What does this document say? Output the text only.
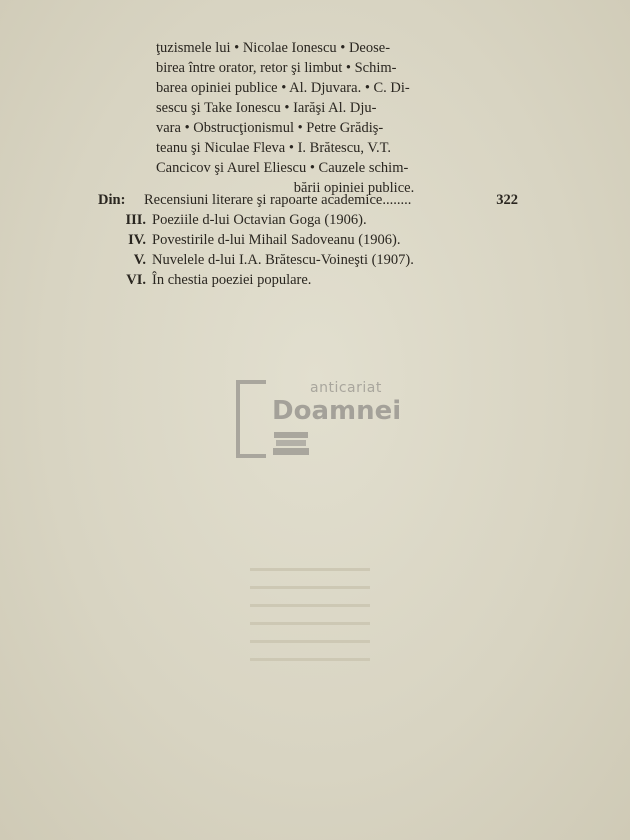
ţuzismele lui • Nicolae Ionescu • Deose-
birea între orator, retor şi limbut • Schim-
barea opiniei publice • Al. Djuvara. • C. Di-
sescu şi Take Ionescu • Iarăşi Al. Dju-
vara • Obstrucţionismul • Petre Grădiş-
teanu şi Niculae Fleva • I. Brătescu, V.T.
Cancicov şi Aurel Eliescu • Cauzele schim-
bării opiniei publice.
Din:	Recensiuni literare şi rapoarte academice........	322
III. Poeziile d-lui Octavian Goga (1906).
IV. Povestirile d-lui Mihail Sadoveanu (1906).
V. Nuvelele d-lui I.A. Brătescu-Voineşti (1907).
VI. În chestia poeziei populare.
anticariat
Doamnei
